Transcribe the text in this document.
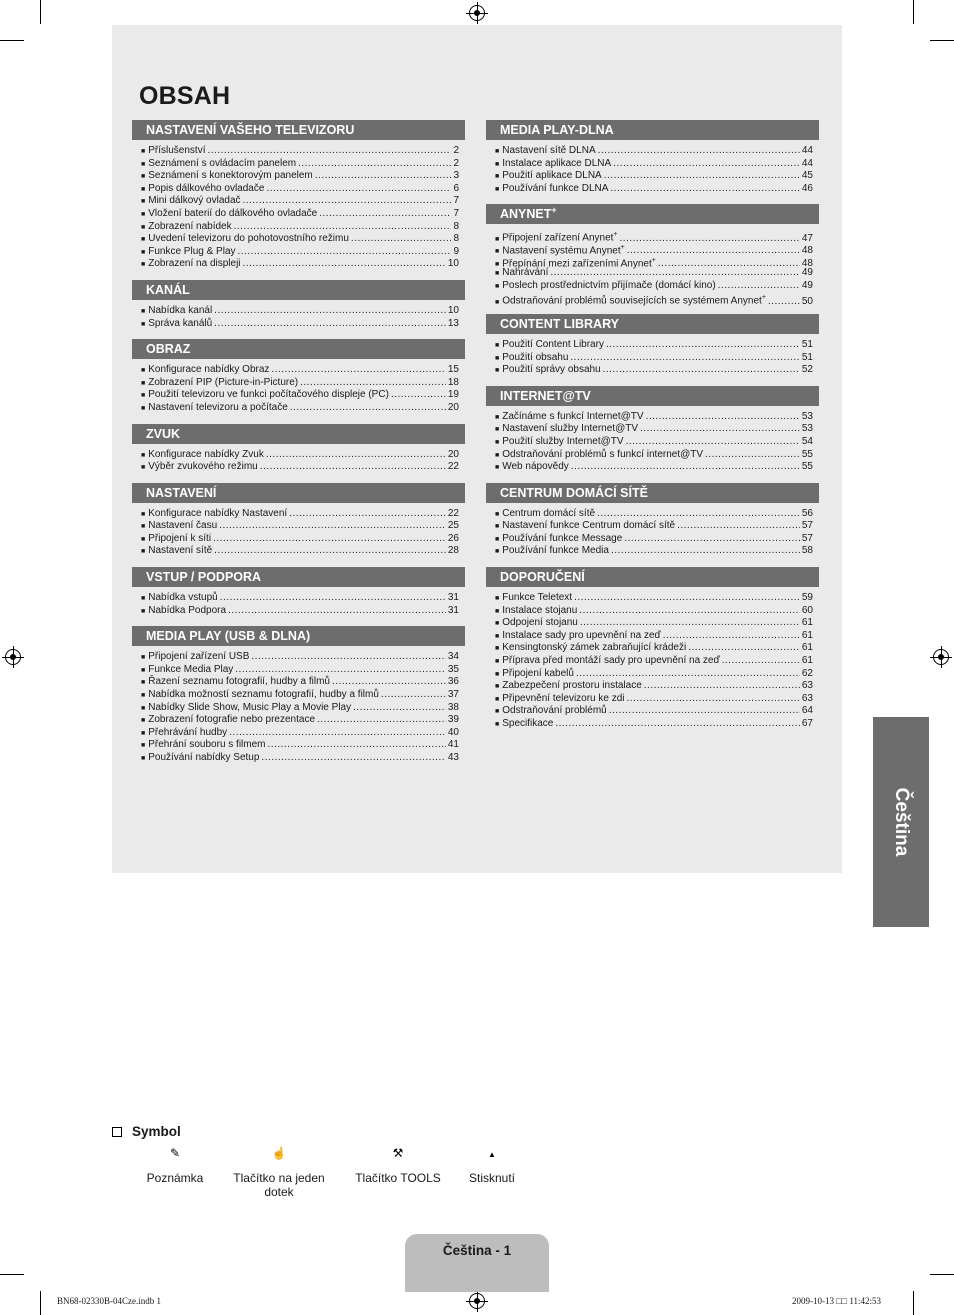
OBSAH
NASTAVENÍ VAŠEHO TELEVIZORU
■ Příslušenství .....	2
■ Seznámení s ovládacím panelem .....	2
■ Seznámení s konektorovým panelem .....	3
■ Popis dálkového ovladače .....	6
■ Mini dálkový ovladač .....	7
■ Vložení baterií do dálkového ovladače .....	7
■ Zobrazení nabídek .....	8
■ Uvedení televizoru do pohotovostního režimu .....	8
■ Funkce Plug & Play .....	9
■ Zobrazení na displeji .....	10
KANÁL
■ Nabídka kanál .....	10
■ Správa kanálů .....	13
OBRAZ
■ Konfigurace nabídky Obraz .....	15
■ Zobrazení PIP (Picture-in-Picture) .....	18
■ Použití televizoru ve funkci počítačového displeje (PC) .....	19
■ Nastavení televizoru a počítače .....	20
ZVUK
■ Konfigurace nabídky Zvuk .....	20
■ Výběr zvukového režimu .....	22
NASTAVENÍ
■ Konfigurace nabídky Nastavení .....	22
■ Nastavení času .....	25
■ Připojení k síti .....	26
■ Nastavení sítě .....	28
VSTUP / PODPORA
■ Nabídka vstupů .....	31
■ Nabídka Podpora .....	31
MEDIA PLAY (USB & DLNA)
■ Připojení zařízení USB .....	34
■ Funkce Media Play .....	35
■ Řazení seznamu fotografií, hudby a filmů .....	36
■ Nabídka možností seznamu fotografií, hudby a filmů .....	37
■ Nabídky Slide Show, Music Play a Movie Play .....	38
■ Zobrazení fotografie nebo prezentace .....	39
■ Přehrávání hudby .....	40
■ Přehrání souboru s filmem .....	41
■ Používání nabídky Setup .....	43
MEDIA PLAY-DLNA
■ Nastavení sítě DLNA .....	44
■ Instalace aplikace DLNA .....	44
■ Použití aplikace DLNA .....	45
■ Používání funkce DLNA .....	46
ANYNET+
■ Připojení zařízení Anynet+ .....	47
■ Nastavení systému Anynet+ .....	48
■ Přepínání mezi zařízeními Anynet+ .....	48
■ Nahrávání .....	49
■ Poslech prostřednictvím přijímače (domácí kino) .....	49
■ Odstraňování problémů souvisejících se systémem Anynet+ .....	50
CONTENT LIBRARY
■ Použití Content Library .....	51
■ Použití obsahu .....	51
■ Použití správy obsahu .....	52
INTERNET@TV
■ Začínáme s funkcí Internet@TV .....	53
■ Nastavení služby Internet@TV .....	53
■ Použití služby Internet@TV .....	54
■ Odstraňování problémů s funkcí internet@TV .....	55
■ Web nápovědy .....	55
CENTRUM DOMÁCÍ SÍTĚ
■ Centrum domácí sítě .....	56
■ Nastavení funkce Centrum domácí sítě .....	57
■ Používání funkce Message .....	57
■ Používání funkce Media .....	58
DOPORUČENÍ
■ Funkce Teletext .....	59
■ Instalace stojanu .....	60
■ Odpojení stojanu .....	61
■ Instalace sady pro upevnění na zeď .....	61
■ Kensingtonský zámek zabraňující krádeži .....	61
■ Příprava před montáží sady pro upevnění na zeď .....	61
■ Připojení kabelů .....	62
■ Zabezpečení prostoru instalace .....	63
■ Připevnění televizoru ke zdi .....	63
■ Odstraňování problémů .....	64
■ Specifikace .....	67
Čeština
Symbol
✎
Poznámka
☝
Tlačítko na jeden dotek
⚒
Tlačítko TOOLS
▲
Stisknutí
Čeština - 1
BN68-02330B-04Cze.indb 1	2009-10-13 □□ 11:42:53
